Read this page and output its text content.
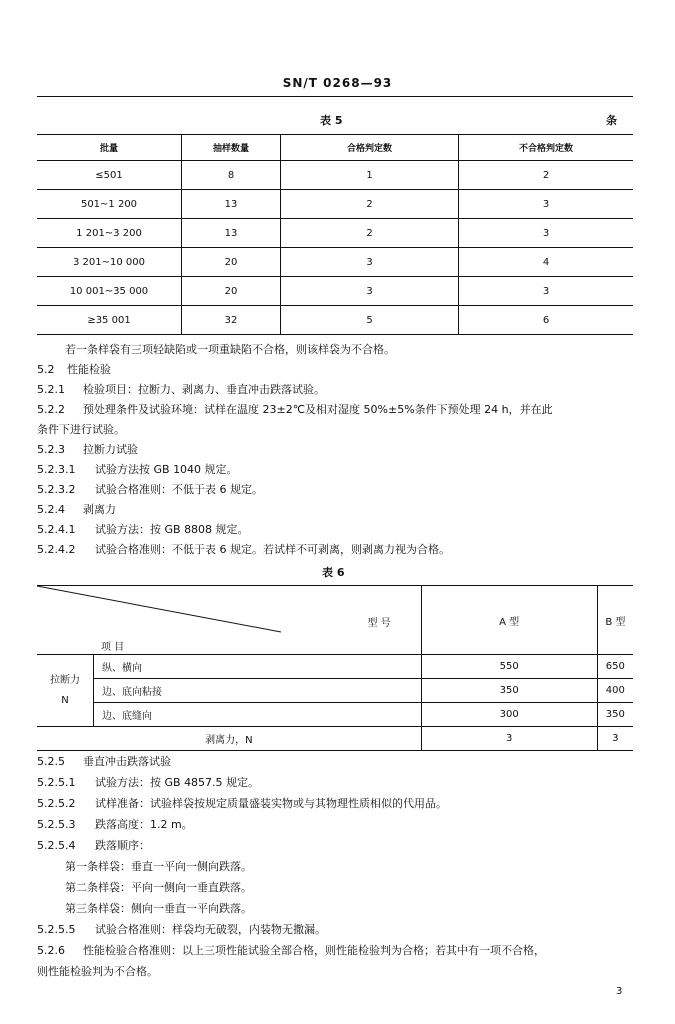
SN/T 0268—93
表 5	条
批量	抽样数量	合格判定数	不合格判定数
≤501	8	1	2
501~1 200	13	2	3
1 201~3 200	13	2	3
3 201~10 000	20	3	4
10 001~35 000	20	3	3
≥35 001	32	5	6
若一条样袋有三项轻缺陷或一项重缺陷不合格，则该样袋为不合格。
5.2 性能检验
5.2.1 检验项目：拉断力、剥离力、垂直冲击跌落试验。
5.2.2 预处理条件及试验环境：试样在温度 23±2℃及相对湿度 50%±5%条件下预处理 24 h，并在此
条件下进行试验。
5.2.3 拉断力试验
5.2.3.1 试验方法按 GB 1040 规定。
5.2.3.2 试验合格准则：不低于表 6 规定。
5.2.4 剥离力
5.2.4.1 试验方法：按 GB 8808 规定。
5.2.4.2 试验合格准则：不低于表 6 规定。若试样不可剥离，则剥离力视为合格。
表 6
型 号
项 目		A 型	B 型
拉断力
N	纵、横向	550	650
	边、底向粘接	350	400
	边、底缝向	300	350
剥离力，N		3	3
5.2.5 垂直冲击跌落试验
5.2.5.1 试验方法：按 GB 4857.5 规定。
5.2.5.2 试样准备：试验样袋按规定质量盛装实物或与其物理性质相似的代用品。
5.2.5.3 跌落高度：1.2 m。
5.2.5.4 跌落顺序：
第一条样袋：垂直一平向一侧向跌落。
第二条样袋：平向一侧向一垂直跌落。
第三条样袋：侧向一垂直一平向跌落。
5.2.5.5 试验合格准则：样袋均无破裂，内装物无撒漏。
5.2.6 性能检验合格准则：以上三项性能试验全部合格，则性能检验判为合格；若其中有一项不合格，
则性能检验判为不合格。
3
